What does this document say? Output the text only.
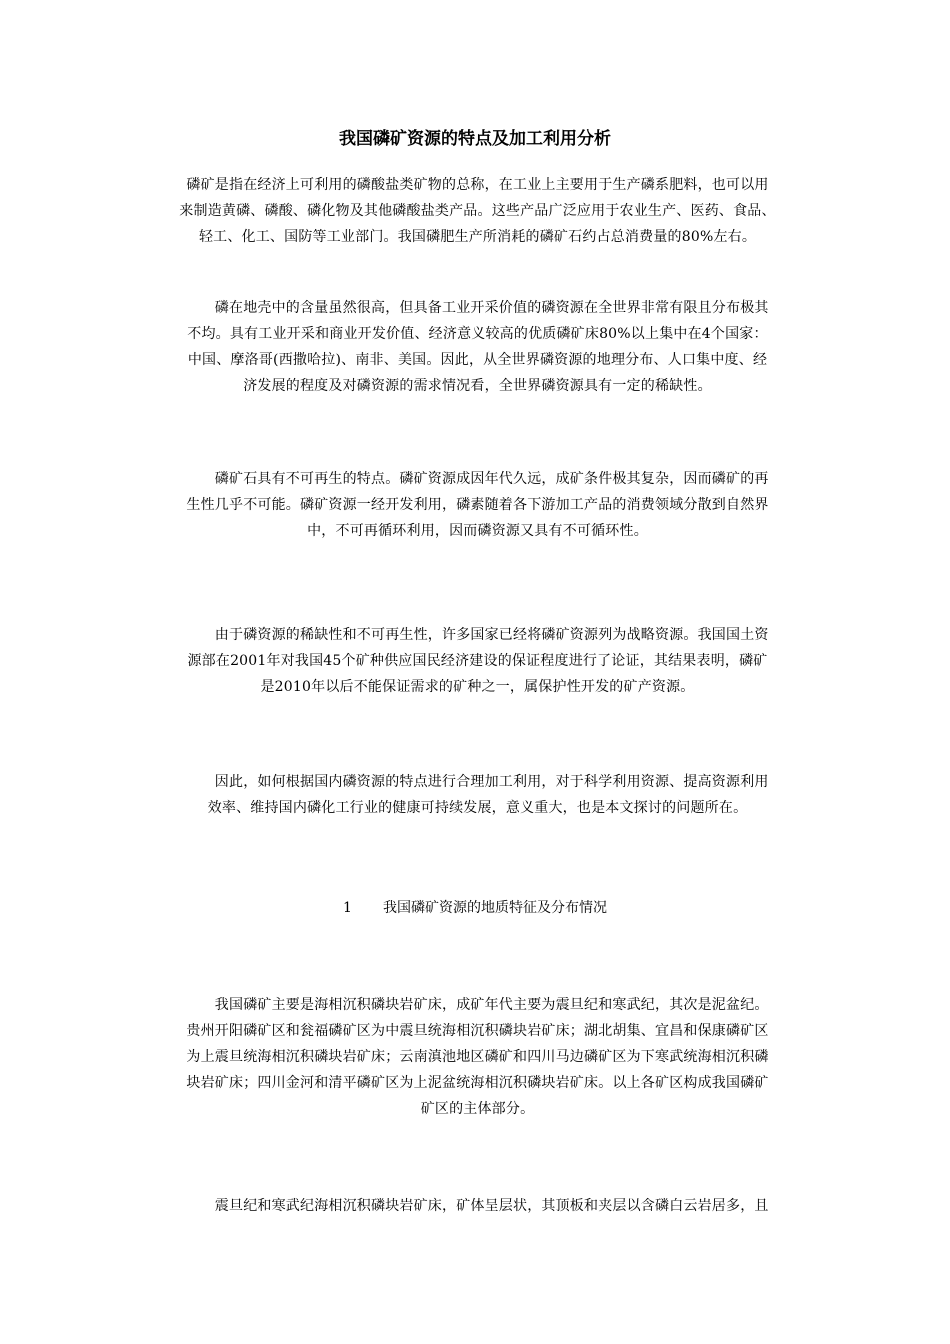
我国磷矿资源的特点及加工利用分析
磷矿是指在经济上可利用的磷酸盐类矿物的总称，在工业上主要用于生产磷系肥料，也可以用
来制造黄磷、磷酸、磷化物及其他磷酸盐类产品。这些产品广泛应用于农业生产、医药、食品、
轻工、化工、国防等工业部门。我国磷肥生产所消耗的磷矿石约占总消费量的80%左右。
　　磷在地壳中的含量虽然很高，但具备工业开采价值的磷资源在全世界非常有限且分布极其
不均。具有工业开采和商业开发价值、经济意义较高的优质磷矿床80%以上集中在4个国家：
中国、摩洛哥(西撒哈拉)、南非、美国。因此，从全世界磷资源的地理分布、人口集中度、经
济发展的程度及对磷资源的需求情况看，全世界磷资源具有一定的稀缺性。
　　磷矿石具有不可再生的特点。磷矿资源成因年代久远，成矿条件极其复杂，因而磷矿的再
生性几乎不可能。磷矿资源一经开发利用，磷素随着各下游加工产品的消费领域分散到自然界
中，不可再循环利用，因而磷资源又具有不可循环性。
　　由于磷资源的稀缺性和不可再生性，许多国家已经将磷矿资源列为战略资源。我国国土资
源部在2001年对我国45个矿种供应国民经济建设的保证程度进行了论证，其结果表明，磷矿
是2010年以后不能保证需求的矿种之一，属保护性开发的矿产资源。
　　因此，如何根据国内磷资源的特点进行合理加工利用，对于科学利用资源、提高资源利用
效率、维持国内磷化工行业的健康可持续发展，意义重大，也是本文探讨的问题所在。
1 我国磷矿资源的地质特征及分布情况
　　我国磷矿主要是海相沉积磷块岩矿床，成矿年代主要为震旦纪和寒武纪，其次是泥盆纪。
贵州开阳磷矿区和瓮福磷矿区为中震旦统海相沉积磷块岩矿床；湖北胡集、宜昌和保康磷矿区
为上震旦统海相沉积磷块岩矿床；云南滇池地区磷矿和四川马边磷矿区为下寒武统海相沉积磷
块岩矿床；四川金河和清平磷矿区为上泥盆统海相沉积磷块岩矿床。以上各矿区构成我国磷矿
矿区的主体部分。
　　震旦纪和寒武纪海相沉积磷块岩矿床，矿体呈层状，其顶板和夹层以含磷白云岩居多，且
